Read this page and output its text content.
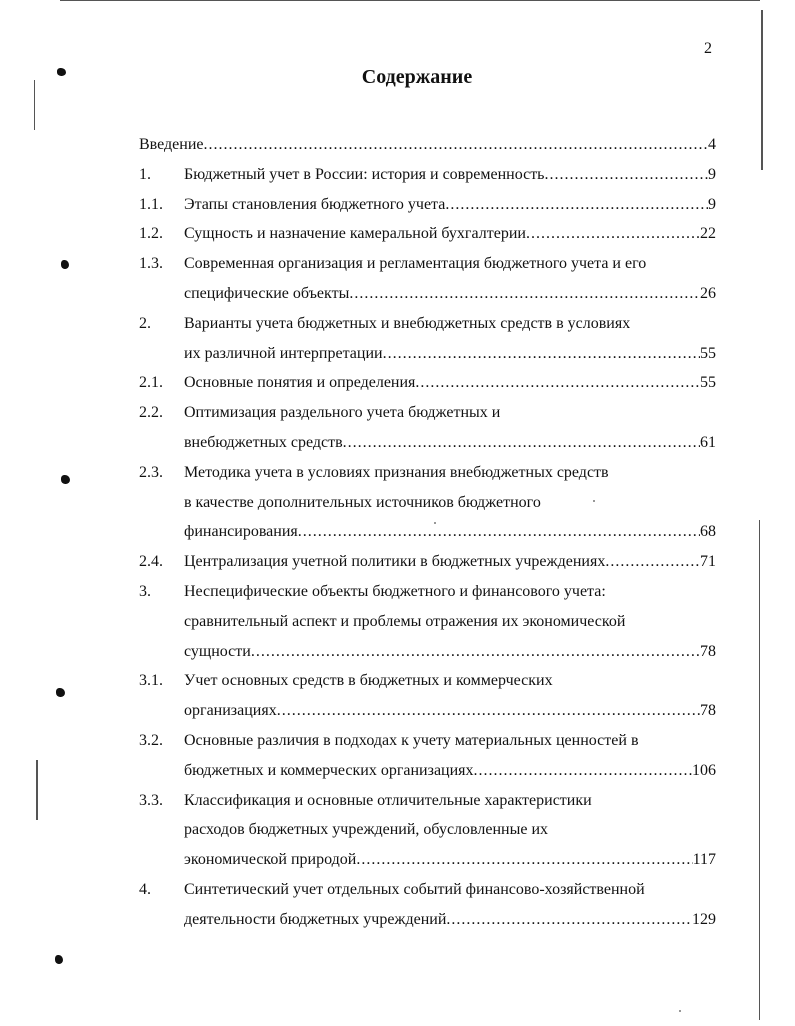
2
Содержание
Введение .....	4
1. Бюджетный учет в России: история и современность .....	9
1.1. Этапы становления бюджетного учета .....	9
1.2. Сущность и назначение камеральной бухгалтерии .....	22
1.3. Современная организация и регламентация бюджетного учета и его
специфические объекты .....	26
2. Варианты учета бюджетных и внебюджетных средств в условиях
их различной интерпретации .....	55
2.1. Основные понятия и определения .....	55
2.2. Оптимизация раздельного учета бюджетных и
внебюджетных средств .....	61
2.3. Методика учета в условиях признания внебюджетных средств
в качестве дополнительных источников бюджетного
финансирования .....	68
2.4. Централизация учетной политики в бюджетных учреждениях .....	71
3. Неспецифические объекты бюджетного и финансового учета:
сравнительный аспект и проблемы отражения их экономической
сущности .....	78
3.1. Учет основных средств в бюджетных и коммерческих
организациях .....	78
3.2. Основные различия в подходах к учету материальных ценностей в
бюджетных и коммерческих организациях .....	106
3.3. Классификация и основные отличительные характеристики
расходов бюджетных учреждений, обусловленные их
экономической природой .....	117
4. Синтетический учет отдельных событий финансово-хозяйственной
деятельности бюджетных учреждений .....	129
